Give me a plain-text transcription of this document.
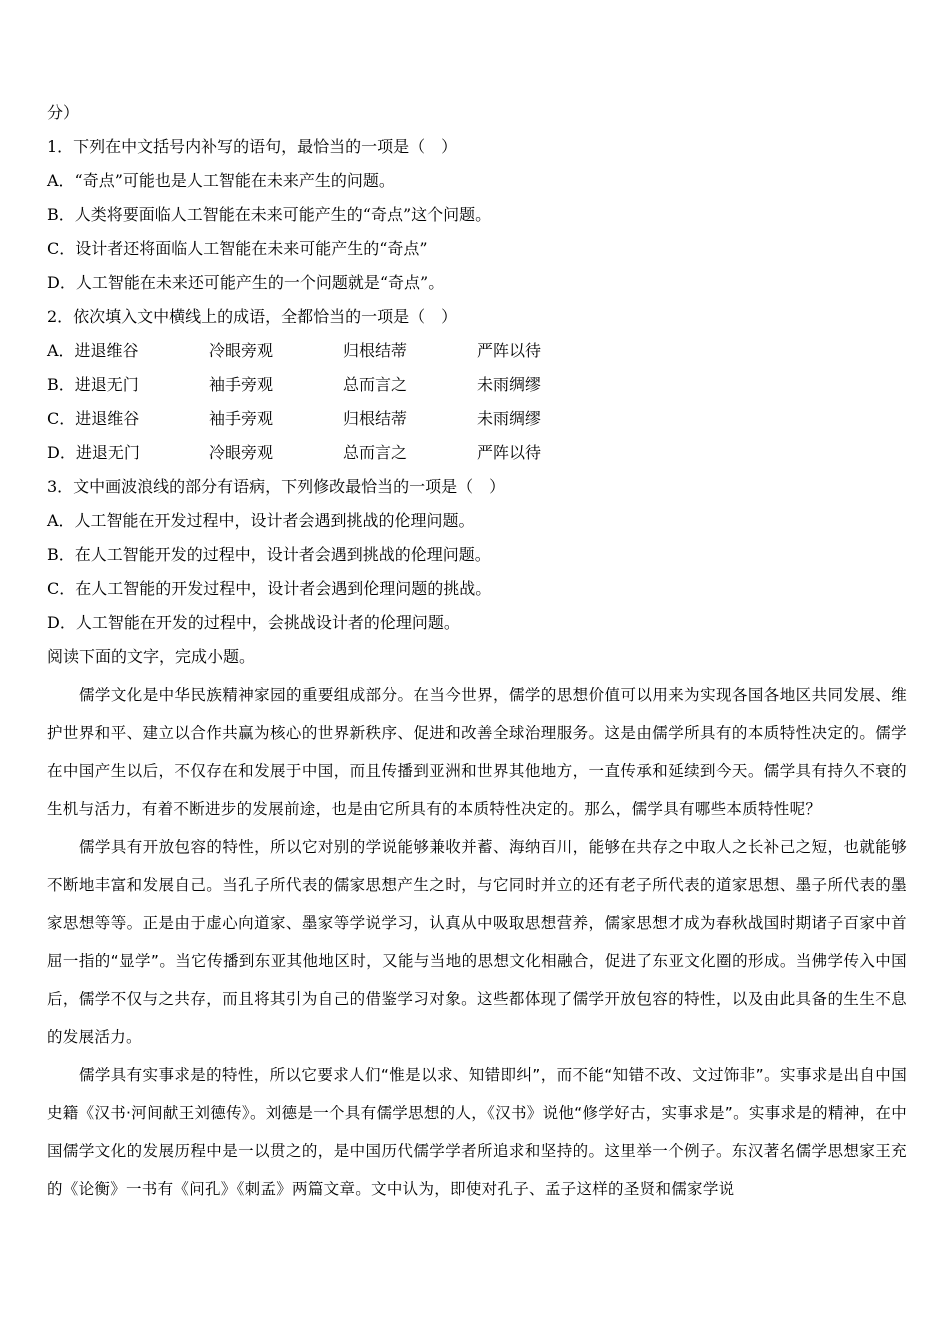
分）
1．下列在中文括号内补写的语句，最恰当的一项是（　）
A．“奇点”可能也是人工智能在未来产生的问题。
B．人类将要面临人工智能在未来可能产生的“奇点”这个问题。
C．设计者还将面临人工智能在未来可能产生的“奇点”
D．人工智能在未来还可能产生的一个问题就是“奇点”。
2．依次填入文中横线上的成语，全都恰当的一项是（　）
A．进退维谷	冷眼旁观	归根结蒂	严阵以待
B．进退无门	袖手旁观	总而言之	未雨绸缪
C．进退维谷	袖手旁观	归根结蒂	未雨绸缪
D．进退无门	冷眼旁观	总而言之	严阵以待
3．文中画波浪线的部分有语病，下列修改最恰当的一项是（　）
A．人工智能在开发过程中，设计者会遇到挑战的伦理问题。
B．在人工智能开发的过程中，设计者会遇到挑战的伦理问题。
C．在人工智能的开发过程中，设计者会遇到伦理问题的挑战。
D．人工智能在开发的过程中，会挑战设计者的伦理问题。
阅读下面的文字，完成小题。

儒学文化是中华民族精神家园的重要组成部分。在当今世界，儒学的思想价值可以用来为实现各国各地区共同发展、维护世界和平、建立以合作共赢为核心的世界新秩序、促进和改善全球治理服务。这是由儒学所具有的本质特性决定的。儒学在中国产生以后，不仅存在和发展于中国，而且传播到亚洲和世界其他地方，一直传承和延续到今天。儒学具有持久不衰的生机与活力，有着不断进步的发展前途，也是由它所具有的本质特性决定的。那么，儒学具有哪些本质特性呢？

儒学具有开放包容的特性，所以它对别的学说能够兼收并蓄、海纳百川，能够在共存之中取人之长补己之短，也就能够不断地丰富和发展自己。当孔子所代表的儒家思想产生之时，与它同时并立的还有老子所代表的道家思想、墨子所代表的墨家思想等等。正是由于虚心向道家、墨家等学说学习，认真从中吸取思想营养，儒家思想才成为春秋战国时期诸子百家中首屈一指的“显学”。当它传播到东亚其他地区时，又能与当地的思想文化相融合，促进了东亚文化圈的形成。当佛学传入中国后，儒学不仅与之共存，而且将其引为自己的借鉴学习对象。这些都体现了儒学开放包容的特性，以及由此具备的生生不息的发展活力。

儒学具有实事求是的特性，所以它要求人们“惟是以求、知错即纠”，而不能“知错不改、文过饰非”。实事求是出自中国史籍《汉书·河间献王刘德传》。刘德是一个具有儒学思想的人，《汉书》说他“修学好古，实事求是”。实事求是的精神，在中国儒学文化的发展历程中是一以贯之的，是中国历代儒学学者所追求和坚持的。这里举一个例子。东汉著名儒学思想家王充的《论衡》一书有《问孔》《刺孟》两篇文章。文中认为，即使对孔子、孟子这样的圣贤和儒家学说
